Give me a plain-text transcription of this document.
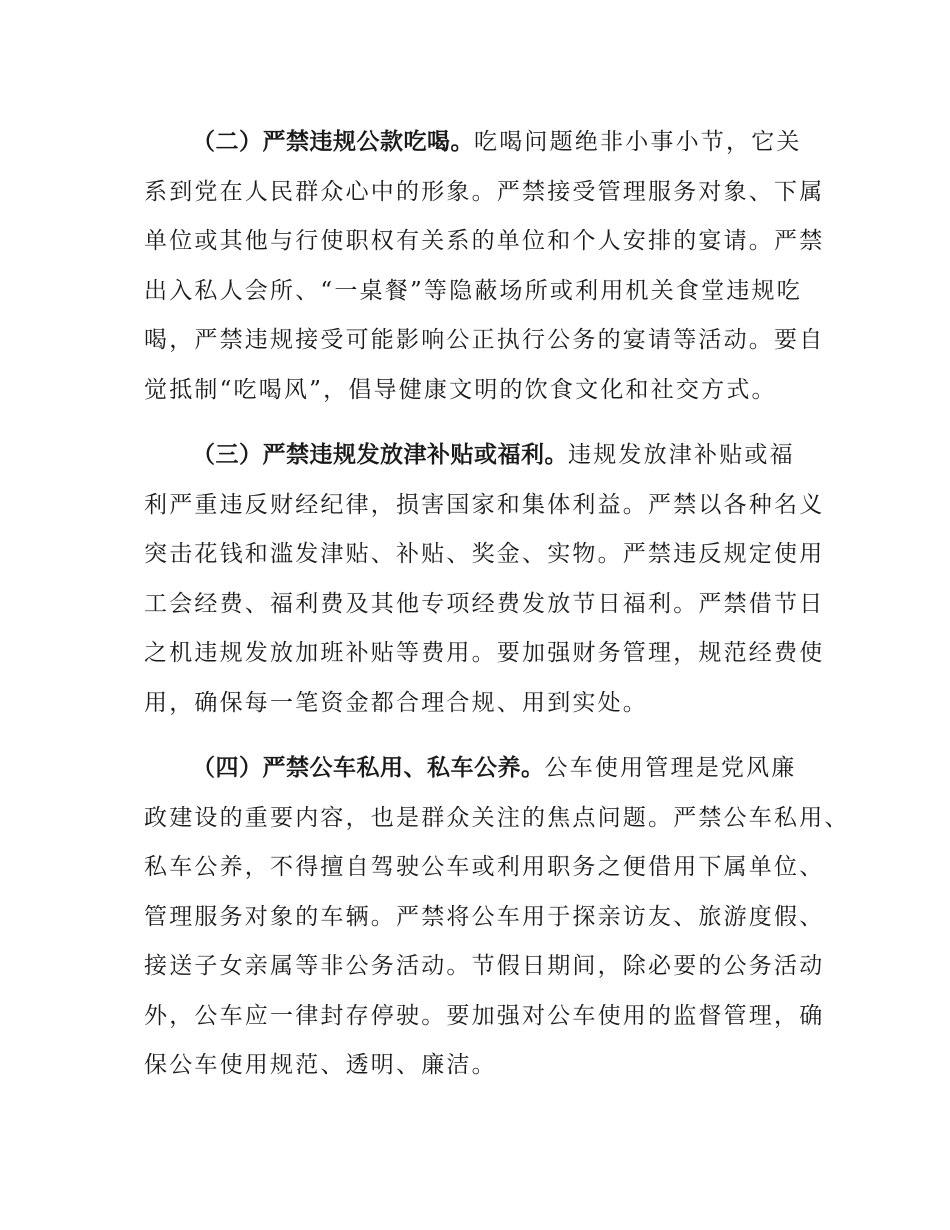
（二）严禁违规公款吃喝。吃喝问题绝非小事小节，它关
系到党在人民群众心中的形象。严禁接受管理服务对象、下属
单位或其他与行使职权有关系的单位和个人安排的宴请。严禁
出入私人会所、“一桌餐”等隐蔽场所或利用机关食堂违规吃
喝，严禁违规接受可能影响公正执行公务的宴请等活动。要自
觉抵制“吃喝风”，倡导健康文明的饮食文化和社交方式。
（三）严禁违规发放津补贴或福利。违规发放津补贴或福
利严重违反财经纪律，损害国家和集体利益。严禁以各种名义
突击花钱和滥发津贴、补贴、奖金、实物。严禁违反规定使用
工会经费、福利费及其他专项经费发放节日福利。严禁借节日
之机违规发放加班补贴等费用。要加强财务管理，规范经费使
用，确保每一笔资金都合理合规、用到实处。
（四）严禁公车私用、私车公养。公车使用管理是党风廉
政建设的重要内容，也是群众关注的焦点问题。严禁公车私用、
私车公养，不得擅自驾驶公车或利用职务之便借用下属单位、
管理服务对象的车辆。严禁将公车用于探亲访友、旅游度假、
接送子女亲属等非公务活动。节假日期间，除必要的公务活动
外，公车应一律封存停驶。要加强对公车使用的监督管理，确
保公车使用规范、透明、廉洁。
